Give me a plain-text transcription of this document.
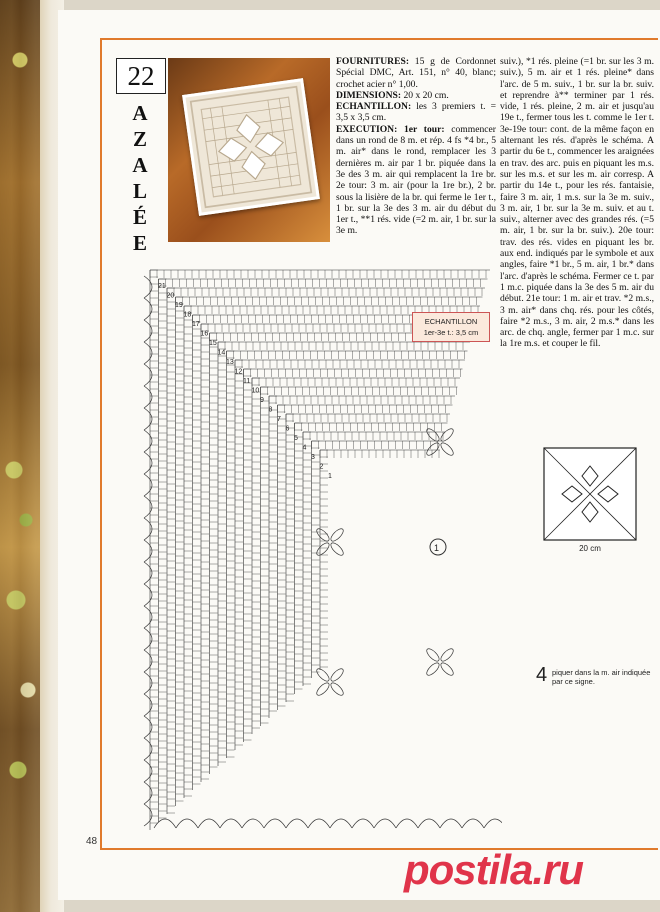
22
A
Z
A
L
É
E
FOURNITURES: 15 g de Cordonnet Spécial DMC, Art. 151, n° 40, blanc; crochet acier n° 1,00.
DIMENSIONS: 20 x 20 cm.
ECHANTILLON: les 3 premiers t. = 3,5 x 3,5 cm.
EXECUTION: 1er tour: commencer dans un rond de 8 m. et rép. 4 fs *4 br., 5 m. air* dans le rond, remplacer les 3 dernières m. air par 1 br. piquée dans la 3e des 3 m. air qui remplacent la 1re br. 2e tour: 3 m. air (pour la 1re br.), 2 br. sous la lisière de la br. qui ferme le 1er t., 1 br. sur la 3e des 3 m. air du début du 1er t., **1 rés. vide (=2 m. air, 1 br. sur la 3e m.
suiv.), *1 rés. pleine (=1 br. sur les 3 m. suiv.), 5 m. air et 1 rés. pleine* dans l'arc. de 5 m. suiv., 1 br. sur la br. suiv. et reprendre à** terminer par 1 rés. vide, 1 rés. pleine, 2 m. air et jusqu'au 19e t., fermer tous les t. comme le 1er t. 3e-19e tour: cont. de la même façon en alternant les rés. d'après le schéma. A partir du 6e t., commencer les araignées en trav. des arc. puis en piquant les m.s. sur les m.s. et sur les m. air corresp. A partir du 14e t., pour les rés. fantaisie, faire 3 m. air, 1 m.s. sur la 3e m. suiv., 3 m. air, 1 br. sur la 3e m. suiv. et au t. suiv., alterner avec des grandes rés. (=5 m. air, 1 br. sur la br. suiv.). 20e tour: trav. des rés. vides en piquant les br. aux end. indiqués par le symbole et aux angles, faire *1 br., 5 m. air, 1 br.* dans l'arc. d'après le schéma. Fermer ce t. par 1 m.c. piquée dans la 3e des 5 m. air du début. 21e tour: 1 m. air et trav. *2 m.s., 3 m. air* dans chq. rés. pour les côtés, faire *2 m.s., 3 m. air, 2 m.s.* dans les arc. de chq. angle, fermer par 1 m.c. sur la 1re m.s. et couper le fil.
21
20
19
18
17
16
15
14
13
12
11
10
9
8
7
6
5
4
3
2
1
1
ECHANTILLON
1er-3e t.: 3,5 cm
20 cm
4 piquer dans la m. air indiquée par ce signe.
48
postila.ru
